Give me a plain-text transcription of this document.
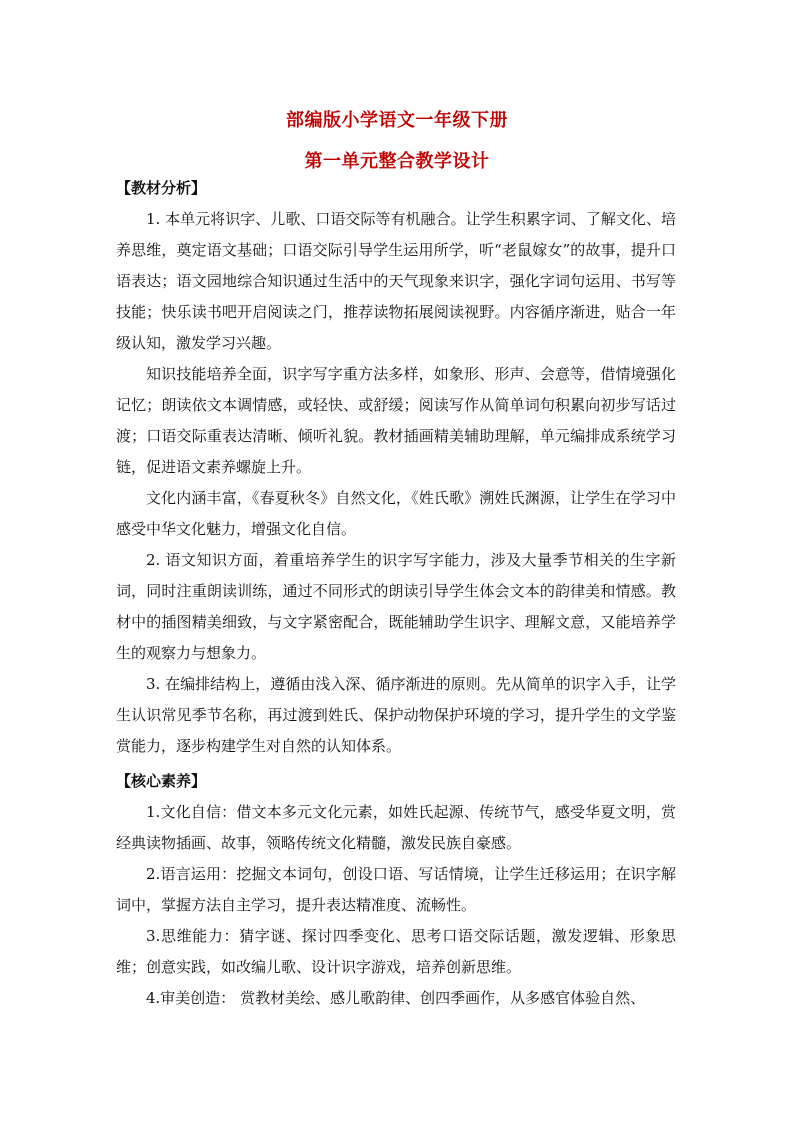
部编版小学语文一年级下册
第一单元整合教学设计
【教材分析】

1. 本单元将识字、儿歌、口语交际等有机融合。让学生积累字词、了解文化、培养思维，奠定语文基础；口语交际引导学生运用所学，听“老鼠嫁女”的故事，提升口语表达；语文园地综合知识通过生活中的天气现象来识字，强化字词句运用、书写等技能；快乐读书吧开启阅读之门，推荐读物拓展阅读视野。内容循序渐进，贴合一年级认知，激发学习兴趣。

知识技能培养全面，识字写字重方法多样，如象形、形声、会意等，借情境强化记忆；朗读依文本调情感，或轻快、或舒缓；阅读写作从简单词句积累向初步写话过渡；口语交际重表达清晰、倾听礼貌。教材插画精美辅助理解，单元编排成系统学习链，促进语文素养螺旋上升。

文化内涵丰富，《春夏秋冬》自然文化，《姓氏歌》溯姓氏渊源，让学生在学习中感受中华文化魅力，增强文化自信。

2. 语文知识方面，着重培养学生的识字写字能力，涉及大量季节相关的生字新词，同时注重朗读训练，通过不同形式的朗读引导学生体会文本的韵律美和情感。教材中的插图精美细致，与文字紧密配合，既能辅助学生识字、理解文意，又能培养学生的观察力与想象力。

3. 在编排结构上，遵循由浅入深、循序渐进的原则。先从简单的识字入手，让学生认识常见季节名称，再过渡到姓氏、保护动物保护环境的学习，提升学生的文学鉴赏能力，逐步构建学生对自然的认知体系。

【核心素养】

1.文化自信：借文本多元文化元素，如姓氏起源、传统节气，感受华夏文明，赏经典读物插画、故事，领略传统文化精髓，激发民族自豪感。

2.语言运用：挖掘文本词句，创设口语、写话情境，让学生迁移运用；在识字解词中，掌握方法自主学习，提升表达精准度、流畅性。

3.思维能力：猜字谜、探讨四季变化、思考口语交际话题，激发逻辑、形象思维；创意实践，如改编儿歌、设计识字游戏，培养创新思维。

4.审美创造： 赏教材美绘、感儿歌韵律、创四季画作，从多感官体验自然、
